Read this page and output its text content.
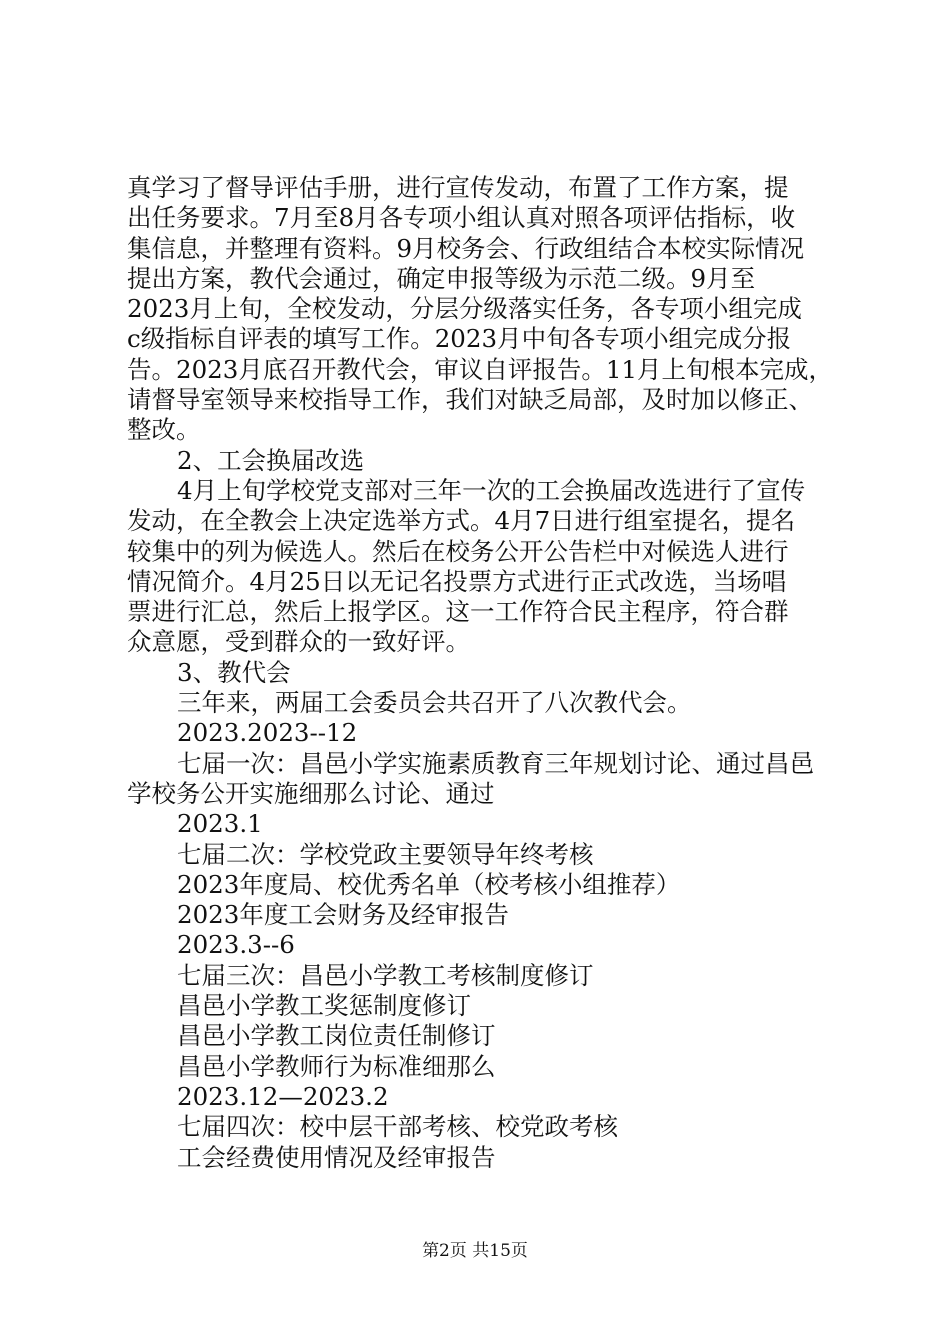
真学习了督导评估手册，进行宣传发动，布置了工作方案，提
出任务要求。7月至8月各专项小组认真对照各项评估指标，收
集信息，并整理有资料。9月校务会、行政组结合本校实际情况
提出方案，教代会通过，确定申报等级为示范二级。9月至
2023月上旬，全校发动，分层分级落实任务，各专项小组完成
c级指标自评表的填写工作。2023月中旬各专项小组完成分报
告。2023月底召开教代会，审议自评报告。11月上旬根本完成，
请督导室领导来校指导工作，我们对缺乏局部，及时加以修正、
整改。
2、工会换届改选
4月上旬学校党支部对三年一次的工会换届改选进行了宣传
发动，在全教会上决定选举方式。4月7日进行组室提名，提名
较集中的列为候选人。然后在校务公开公告栏中对候选人进行
情况简介。4月25日以无记名投票方式进行正式改选，当场唱
票进行汇总，然后上报学区。这一工作符合民主程序，符合群
众意愿，受到群众的一致好评。
3、教代会
三年来，两届工会委员会共召开了八次教代会。
2023.2023--12
七届一次：昌邑小学实施素质教育三年规划讨论、通过昌邑
学校务公开实施细那么讨论、通过
2023.1
七届二次：学校党政主要领导年终考核
2023年度局、校优秀名单（校考核小组推荐）
2023年度工会财务及经审报告
2023.3--6
七届三次：昌邑小学教工考核制度修订
昌邑小学教工奖惩制度修订
昌邑小学教工岗位责任制修订
昌邑小学教师行为标准细那么
2023.12—2023.2
七届四次：校中层干部考核、校党政考核
工会经费使用情况及经审报告
第2页 共15页
